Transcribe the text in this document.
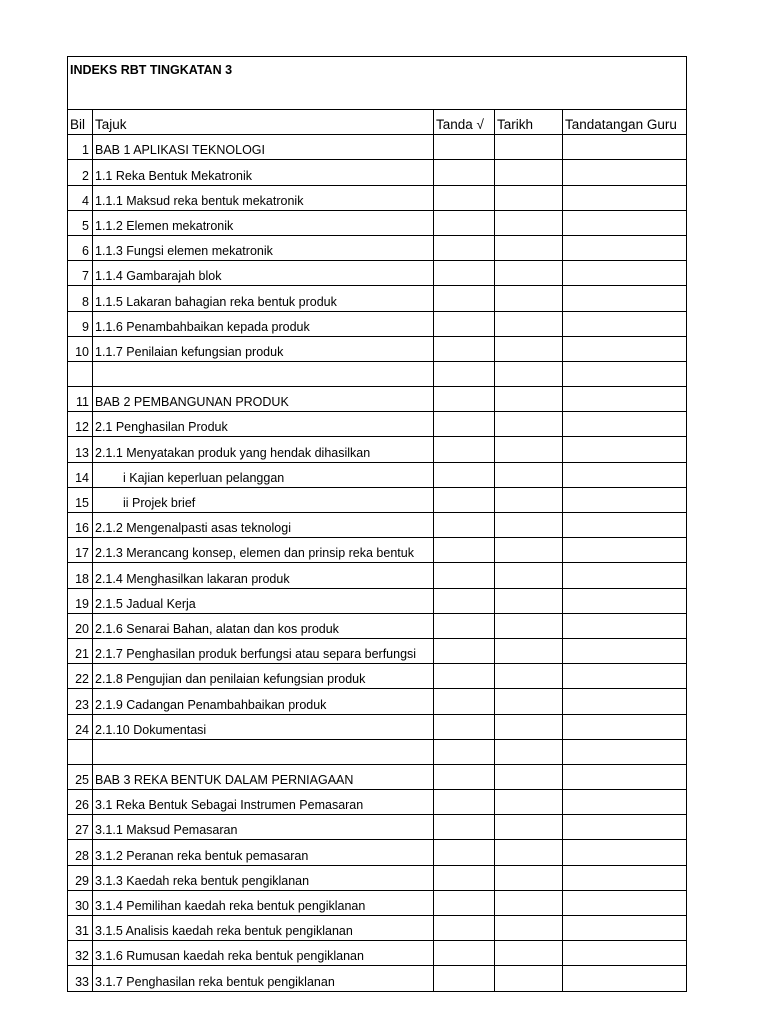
INDEKS RBT TINGKATAN 3				
Bil	Tajuk	Tanda √	Tarikh	Tandatangan Guru
1	BAB 1 APLIKASI TEKNOLOGI			
2	1.1 Reka Bentuk Mekatronik			
4	1.1.1 Maksud reka bentuk mekatronik			
5	1.1.2 Elemen mekatronik			
6	1.1.3 Fungsi elemen mekatronik			
7	1.1.4 Gambarajah blok			
8	1.1.5 Lakaran bahagian reka bentuk produk			
9	1.1.6 Penambahbaikan kepada produk			
10	1.1.7 Penilaian kefungsian produk			

11	BAB 2 PEMBANGUNAN PRODUK			
12	2.1 Penghasilan Produk			
13	2.1.1 Menyatakan produk yang hendak dihasilkan			
14	i Kajian keperluan pelanggan			
15	ii Projek brief			
16	2.1.2 Mengenalpasti asas teknologi			
17	2.1.3 Merancang konsep, elemen dan prinsip reka bentuk			
18	2.1.4 Menghasilkan lakaran produk			
19	2.1.5 Jadual Kerja			
20	2.1.6 Senarai Bahan, alatan dan kos produk			
21	2.1.7 Penghasilan produk berfungsi atau separa berfungsi			
22	2.1.8 Pengujian dan penilaian kefungsian produk			
23	2.1.9 Cadangan Penambahbaikan produk			
24	2.1.10 Dokumentasi			

25	BAB 3 REKA BENTUK DALAM PERNIAGAAN			
26	3.1 Reka Bentuk Sebagai Instrumen Pemasaran			
27	3.1.1 Maksud Pemasaran			
28	3.1.2 Peranan reka bentuk pemasaran			
29	3.1.3 Kaedah reka bentuk pengiklanan			
30	3.1.4 Pemilihan kaedah reka bentuk pengiklanan			
31	3.1.5 Analisis kaedah reka bentuk pengiklanan			
32	3.1.6 Rumusan kaedah reka bentuk pengiklanan			
33	3.1.7 Penghasilan reka bentuk pengiklanan			
